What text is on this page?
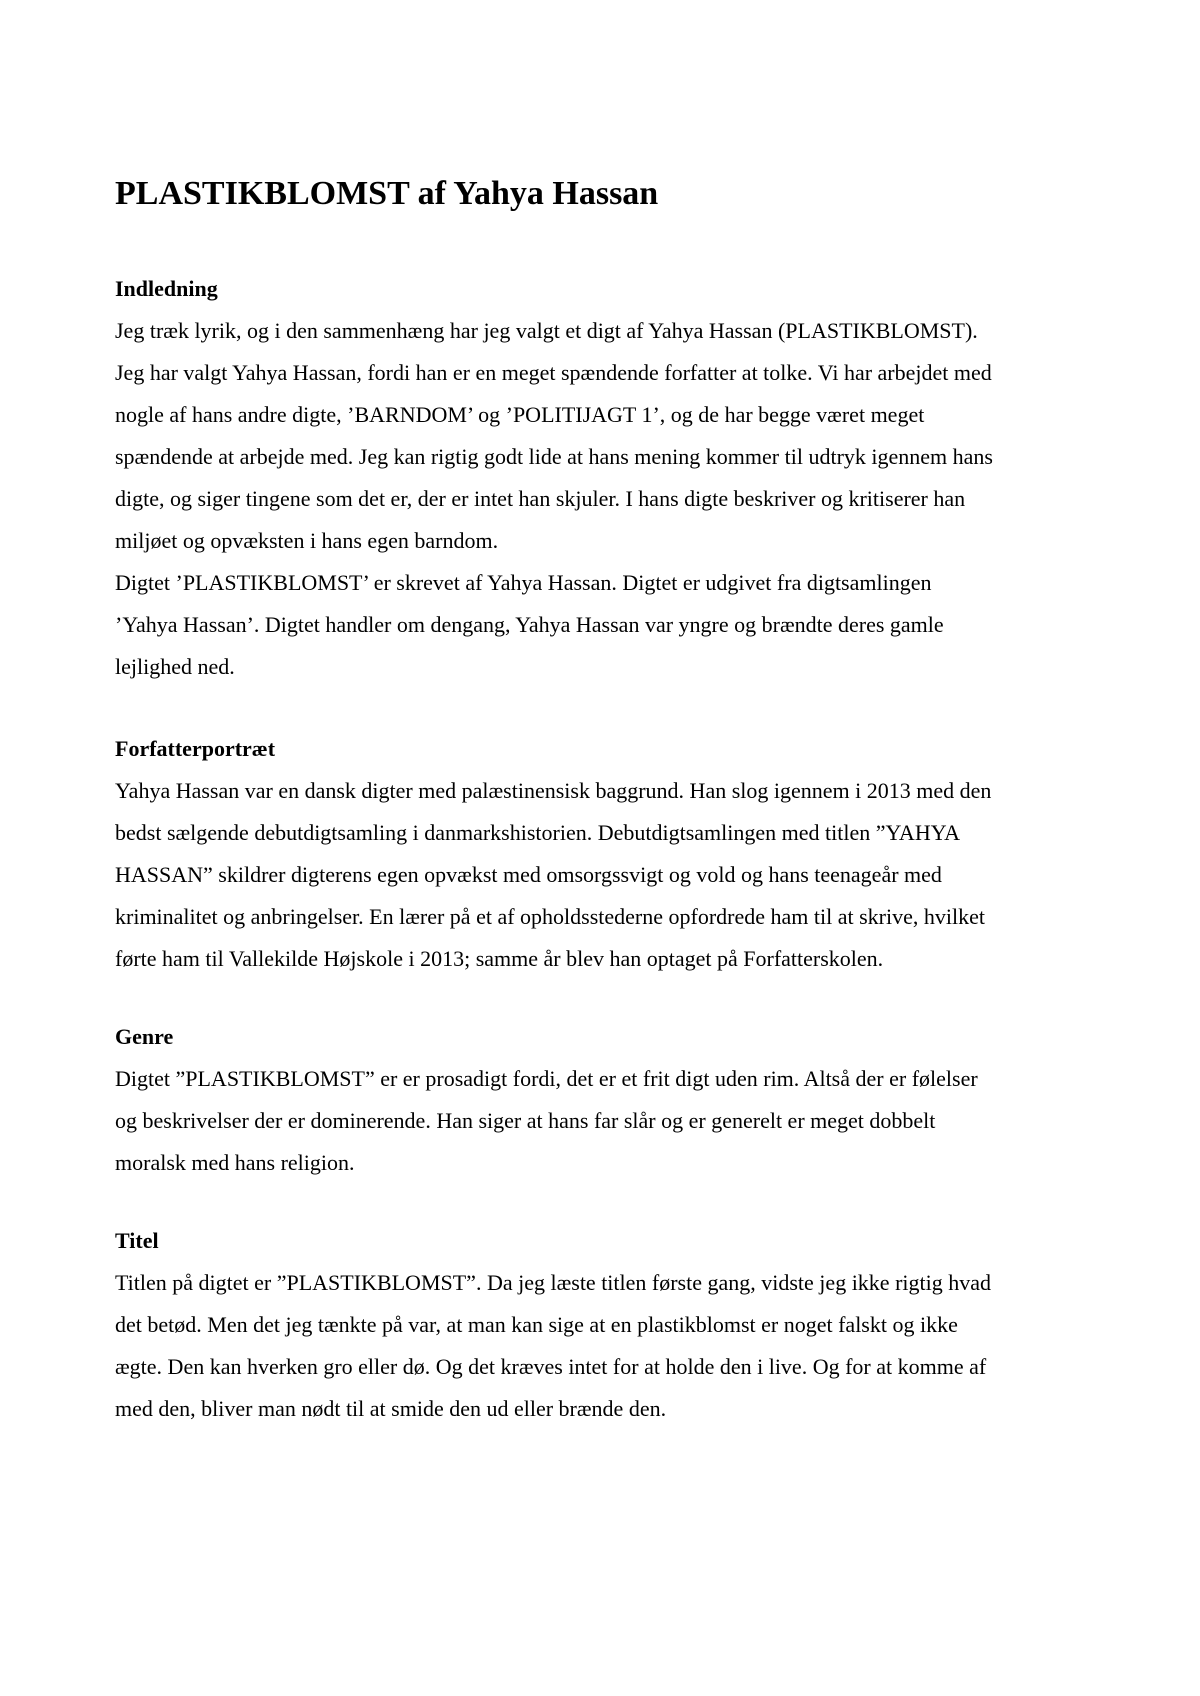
PLASTIKBLOMST af Yahya Hassan
Indledning

Jeg træk lyrik, og i den sammenhæng har jeg valgt et digt af Yahya Hassan (PLASTIKBLOMST).
Jeg har valgt Yahya Hassan, fordi han er en meget spændende forfatter at tolke. Vi har arbejdet med
nogle af hans andre digte, ’BARNDOM’ og ’POLITIJAGT 1’, og de har begge været meget
spændende at arbejde med. Jeg kan rigtig godt lide at hans mening kommer til udtryk igennem hans
digte, og siger tingene som det er, der er intet han skjuler. I hans digte beskriver og kritiserer han
miljøet og opvæksten i hans egen barndom.
Digtet ’PLASTIKBLOMST’ er skrevet af Yahya Hassan. Digtet er udgivet fra digtsamlingen
’Yahya Hassan’. Digtet handler om dengang, Yahya Hassan var yngre og brændte deres gamle
lejlighed ned.

Forfatterportræt

Yahya Hassan var en dansk digter med palæstinensisk baggrund. Han slog igennem i 2013 med den
bedst sælgende debutdigtsamling i danmarkshistorien. Debutdigtsamlingen med titlen ”YAHYA
HASSAN” skildrer digterens egen opvækst med omsorgssvigt og vold og hans teenageår med
kriminalitet og anbringelser. En lærer på et af opholdsstederne opfordrede ham til at skrive, hvilket
førte ham til Vallekilde Højskole i 2013; samme år blev han optaget på Forfatterskolen.

Genre

Digtet ”PLASTIKBLOMST” er er prosadigt fordi, det er et frit digt uden rim. Altså der er følelser
og beskrivelser der er dominerende. Han siger at hans far slår og er generelt er meget dobbelt
moralsk med hans religion.

Titel

Titlen på digtet er ”PLASTIKBLOMST”. Da jeg læste titlen første gang, vidste jeg ikke rigtig hvad
det betød. Men det jeg tænkte på var, at man kan sige at en plastikblomst er noget falskt og ikke
ægte. Den kan hverken gro eller dø. Og det kræves intet for at holde den i live. Og for at komme af
med den, bliver man nødt til at smide den ud eller brænde den.
